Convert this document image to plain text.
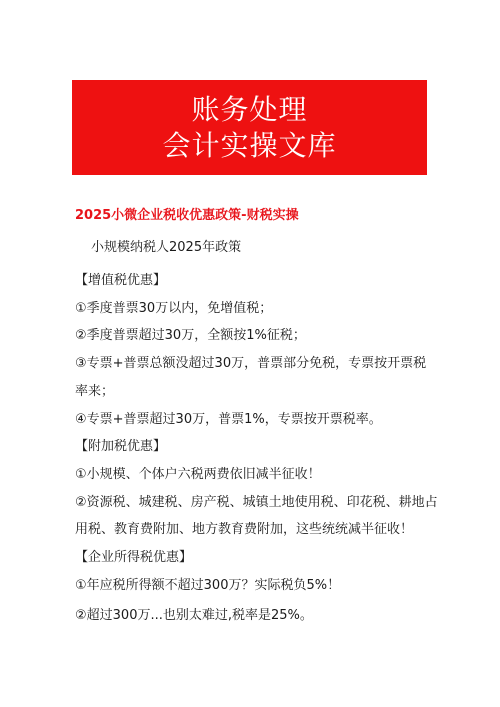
账务处理
会计实操文库
2025小微企业税收优惠政策-财税实操
小规模纳税人2025年政策
【增值税优惠】
①季度普票30万以内，免增值税；
②季度普票超过30万，全额按1%征税；
③专票+普票总额没超过30万，普票部分免税，专票按开票税
率来；
④专票+普票超过30万，普票1%，专票按开票税率。
【附加税优惠】
①小规模、个体户六税两费依旧减半征收！
②资源税、城建税、房产税、城镇土地使用税、印花税、耕地占
用税、教育费附加、地方教育费附加，这些统统减半征收！
【企业所得税优惠】
①年应税所得额不超过300万？实际税负5%！
②超过300万...也别太难过,税率是25%。
